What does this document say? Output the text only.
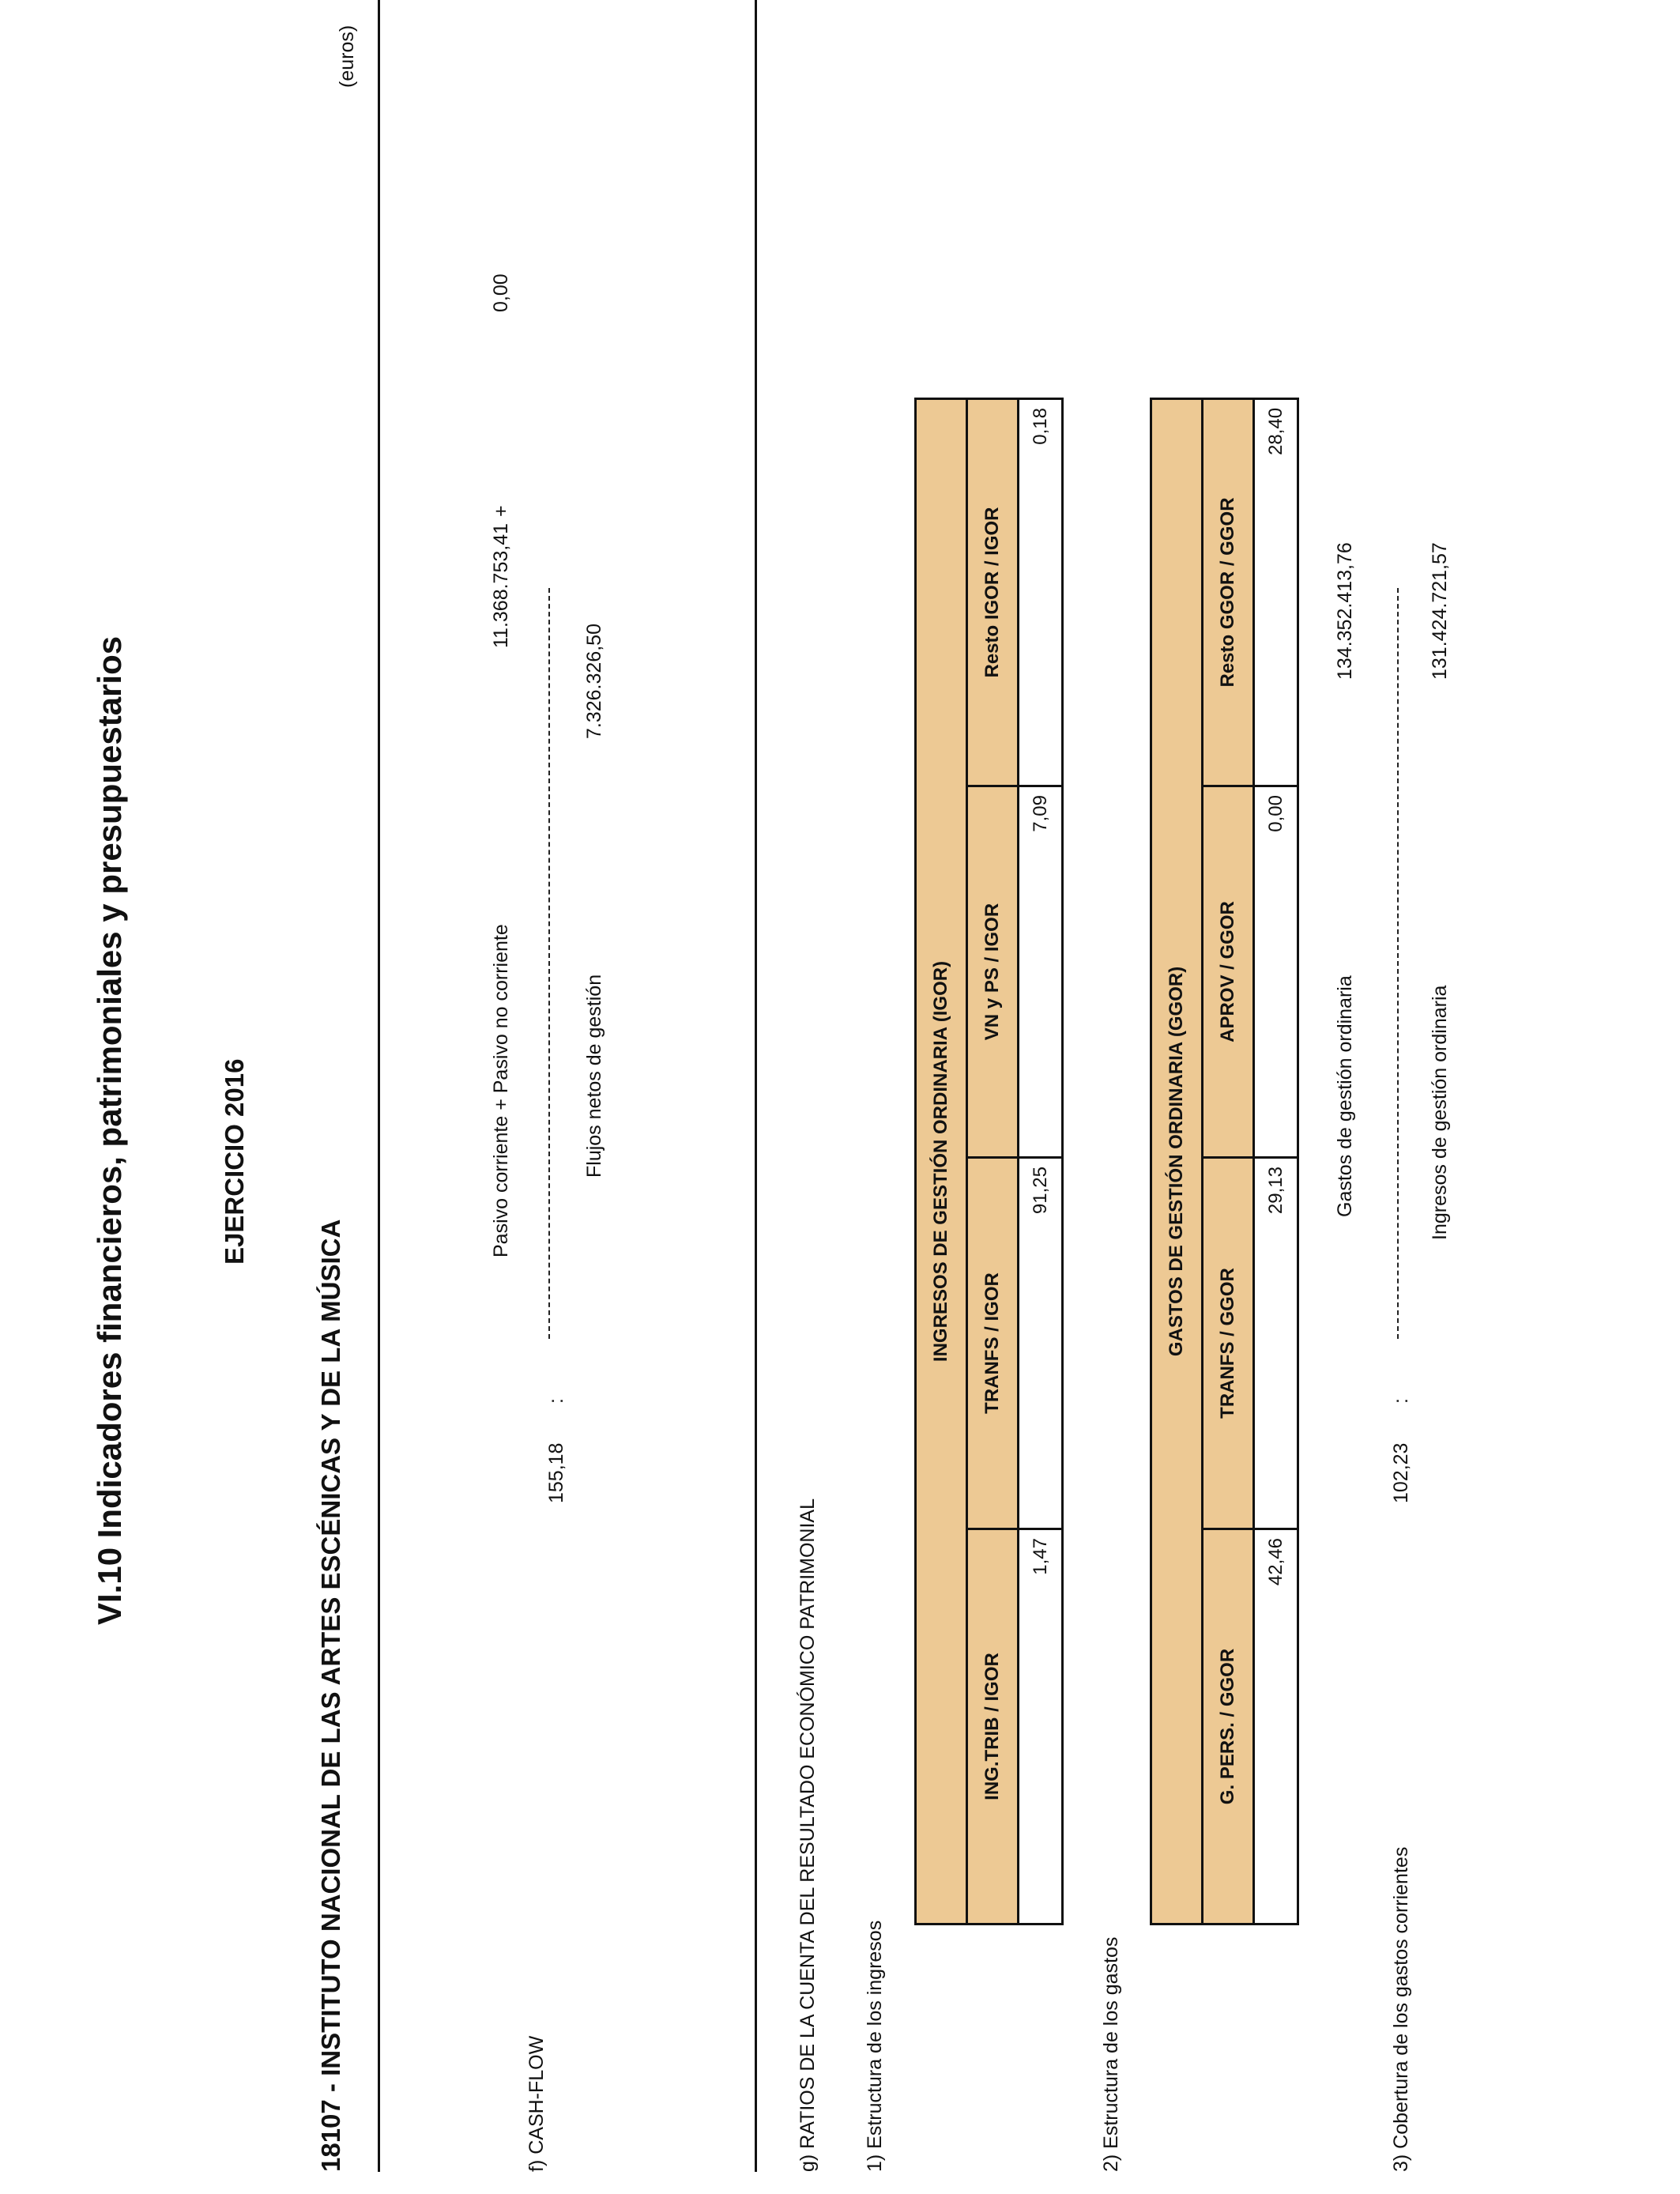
VI.10 Indicadores financieros, patrimoniales y presupuestarios	EJERCICIO 2016
18107 - INSTITUTO NACIONAL DE LAS ARTES ESCÉNICAS Y DE LA MÚSICA
(euros)
f) CASH-FLOW
155,18
:
Pasivo corriente + Pasivo no corriente
11.368.753,41
+
0,00
Flujos netos de gestión
7.326.326,50
g) RATIOS DE LA CUENTA DEL RESULTADO ECONÓMICO PATRIMONIAL 1) Estructura de los ingresos
INGRESOS DE GESTIÓN ORDINARIA (IGOR)			
ING.TRIB / IGOR	TRANFS / IGOR	VN y PS / IGOR	Resto IGOR / IGOR
1,47	91,25	7,09	0,18
2) Estructura de los gastos
GASTOS DE GESTIÓN ORDINARIA (GGOR)			
G. PERS. / GGOR	TRANFS / GGOR	APROV / GGOR	Resto GGOR / GGOR
42,46	29,13	0,00	28,40
3) Cobertura de los gastos corrientes
102,23
:
Gastos de gestión ordinaria
134.352.413,76
Ingresos de gestión ordinaria
131.424.721,57
